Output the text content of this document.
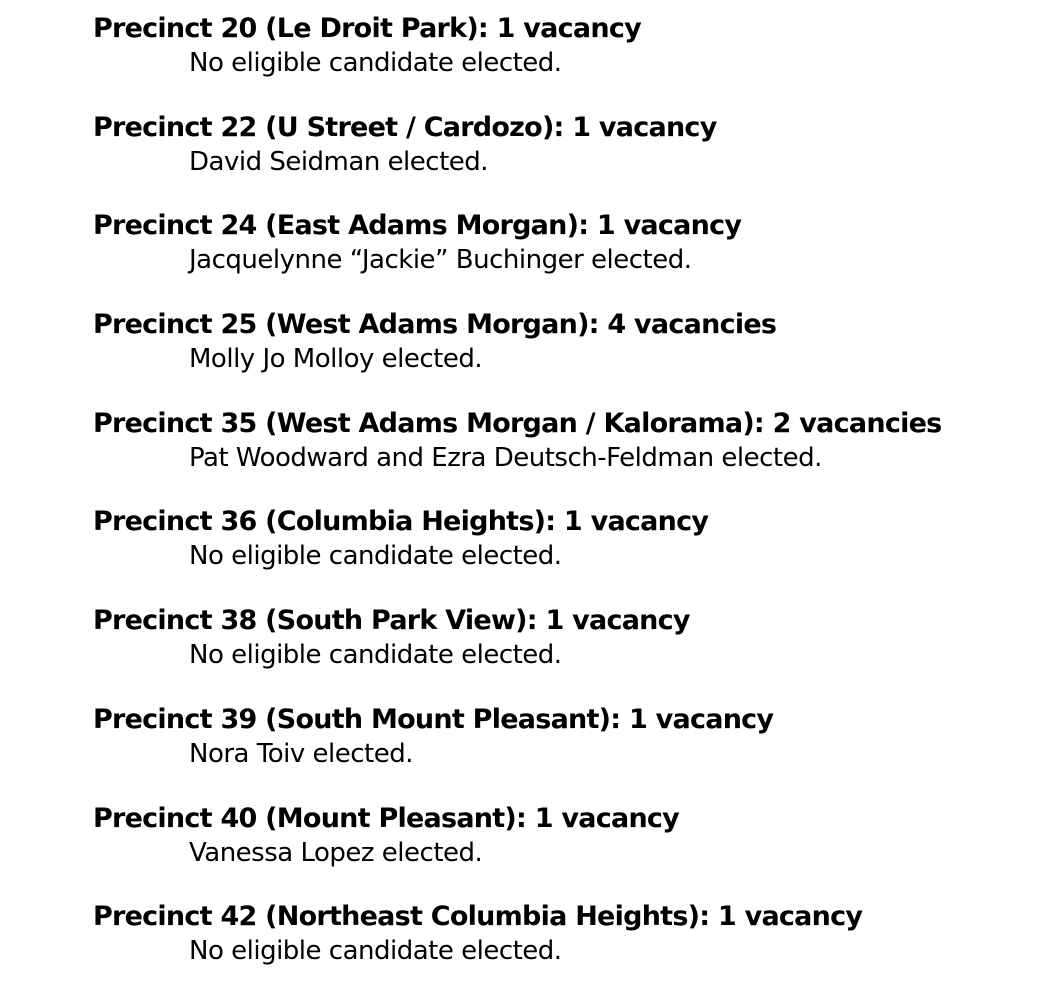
Precinct 20 (Le Droit Park): 1 vacancy

No eligible candidate elected.

Precinct 22 (U Street / Cardozo): 1 vacancy

David Seidman elected.

Precinct 24 (East Adams Morgan): 1 vacancy

Jacquelynne “Jackie” Buchinger elected.

Precinct 25 (West Adams Morgan): 4 vacancies

Molly Jo Molloy elected.

Precinct 35 (West Adams Morgan / Kalorama): 2 vacancies

Pat Woodward and Ezra Deutsch-Feldman elected.

Precinct 36 (Columbia Heights): 1 vacancy

No eligible candidate elected.

Precinct 38 (South Park View): 1 vacancy

No eligible candidate elected.

Precinct 39 (South Mount Pleasant): 1 vacancy

Nora Toiv elected.

Precinct 40 (Mount Pleasant): 1 vacancy

Vanessa Lopez elected.

Precinct 42 (Northeast Columbia Heights): 1 vacancy

No eligible candidate elected.
